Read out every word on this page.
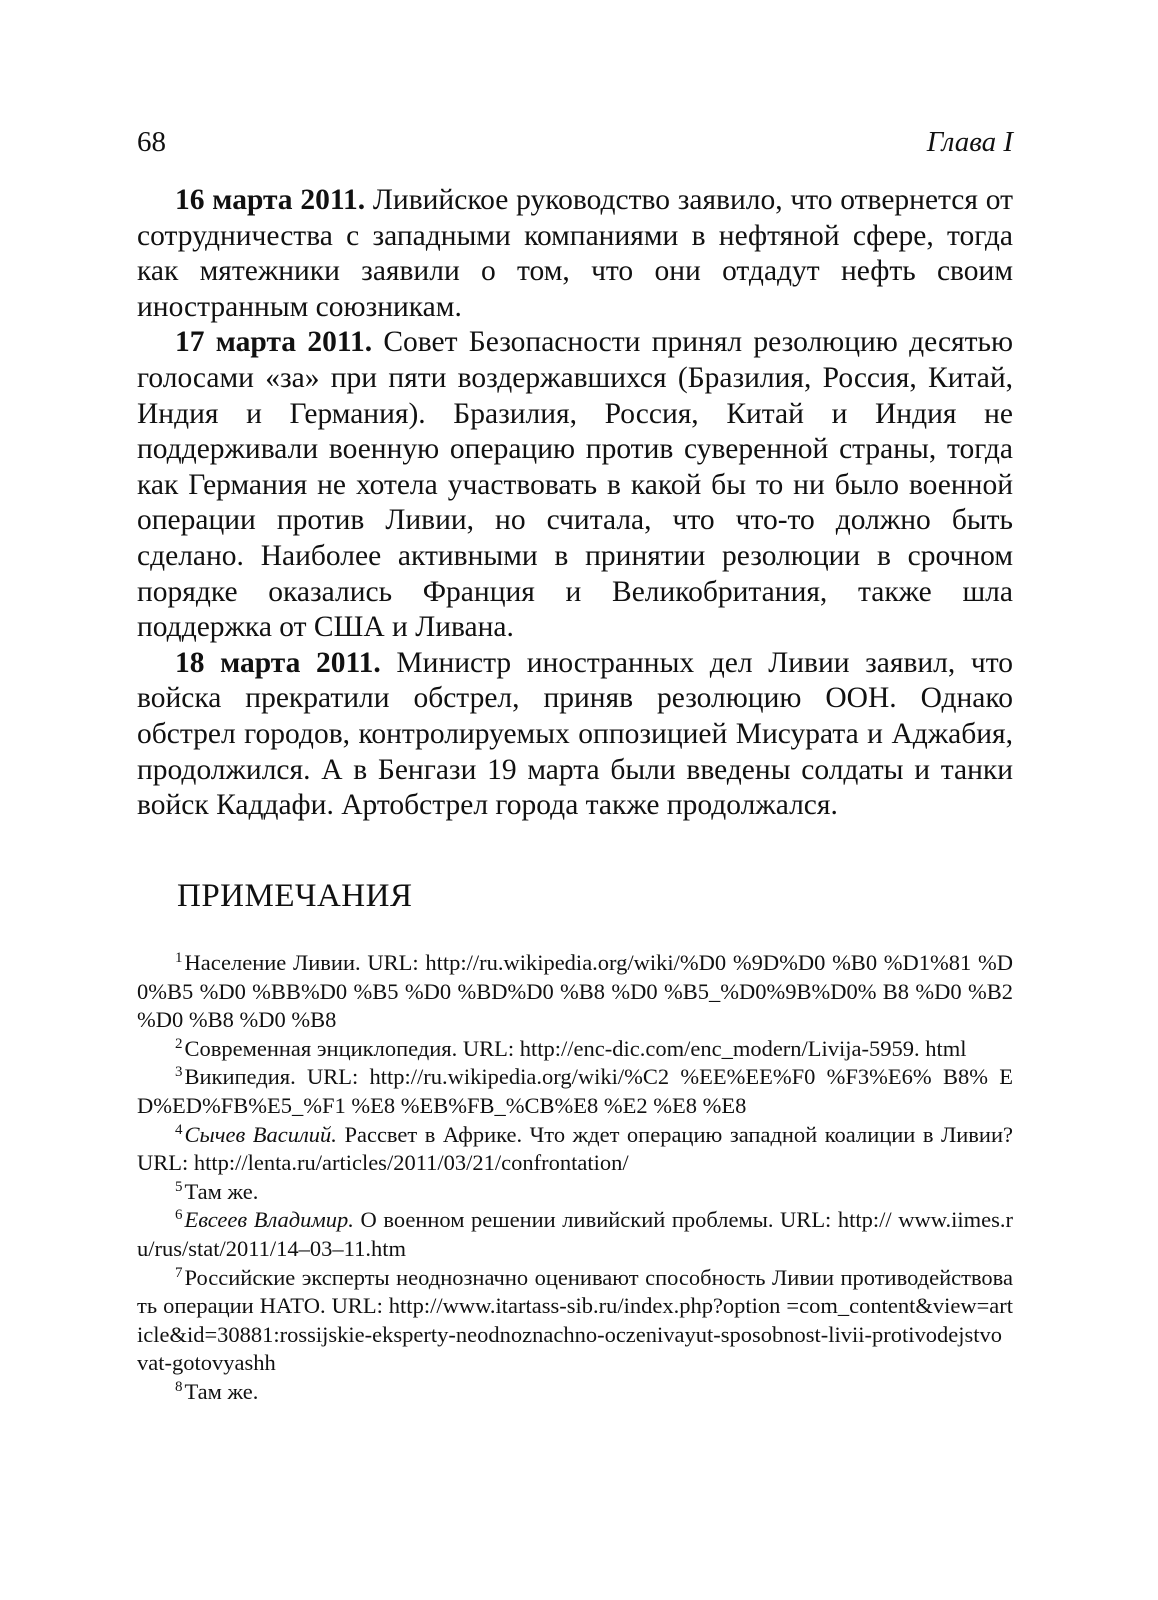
68	Глава I

16 марта 2011. Ливийское руководство заявило, что отвернется от сотрудничества с западными компаниями в нефтяной сфере, тогда как мятежники заявили о том, что они отдадут нефть своим иностранным союзникам.

17 марта 2011. Совет Безопасности принял резолюцию десятью голосами «за» при пяти воздержавшихся (Бразилия, Россия, Китай, Индия и Германия). Бразилия, Россия, Китай и Индия не поддерживали военную операцию против суверенной страны, тогда как Германия не хотела участвовать в какой бы то ни было военной операции против Ливии, но считала, что что-то должно быть сделано. Наиболее активными в принятии резолюции в срочном порядке оказались Франция и Великобритания, также шла поддержка от США и Ливана.

18 марта 2011. Министр иностранных дел Ливии заявил, что войска прекратили обстрел, приняв резолюцию ООН. Однако обстрел городов, контролируемых оппозицией Мисурата и Аджабия, продолжился. А в Бенгази 19 марта были введены солдаты и танки войск Каддафи. Артобстрел города также продолжался.

ПРИМЕЧАНИЯ

$^1$Население Ливии. URL: http://ru.wikipedia.org/wiki/%D0 %9D%D0 %B0 %D1%81 %D0%B5 %D0 %BB%D0 %B5 %D0 %BD%D0 %B8 %D0 %B5_%D0%9B%D0% B8 %D0 %B2 %D0 %B8 %D0 %B8

$^2$Современная энциклопедия. URL: http://enc-dic.com/enc_modern/Livija-5959. html

$^3$Википедия. URL: http://ru.wikipedia.org/wiki/%C2 %EE%EE%F0 %F3%E6% B8% ED%ED%FB%E5_%F1 %E8 %EB%FB_%CB%E8 %E2 %E8 %E8

$^4$Сычев Василий. Рассвет в Африке. Что ждет операцию западной коалиции в Ливии? URL: http://lenta.ru/articles/2011/03/21/confrontation/

$^5$Там же.

$^6$Евсеев Владимир. О военном решении ливийский проблемы. URL: http:// www.iimes.ru/rus/stat/2011/14–03–11.htm

$^7$Российские эксперты неоднозначно оценивают способность Ливии противодействовать операции НАТО. URL: http://www.itartass-sib.ru/index.php?option =com_content&view=article&id=30881:rossijskie-eksperty-neodnoznachno-oczenivayut-sposobnost-livii-protivodejstvovat-gotovyashh

$^8$Там же.
